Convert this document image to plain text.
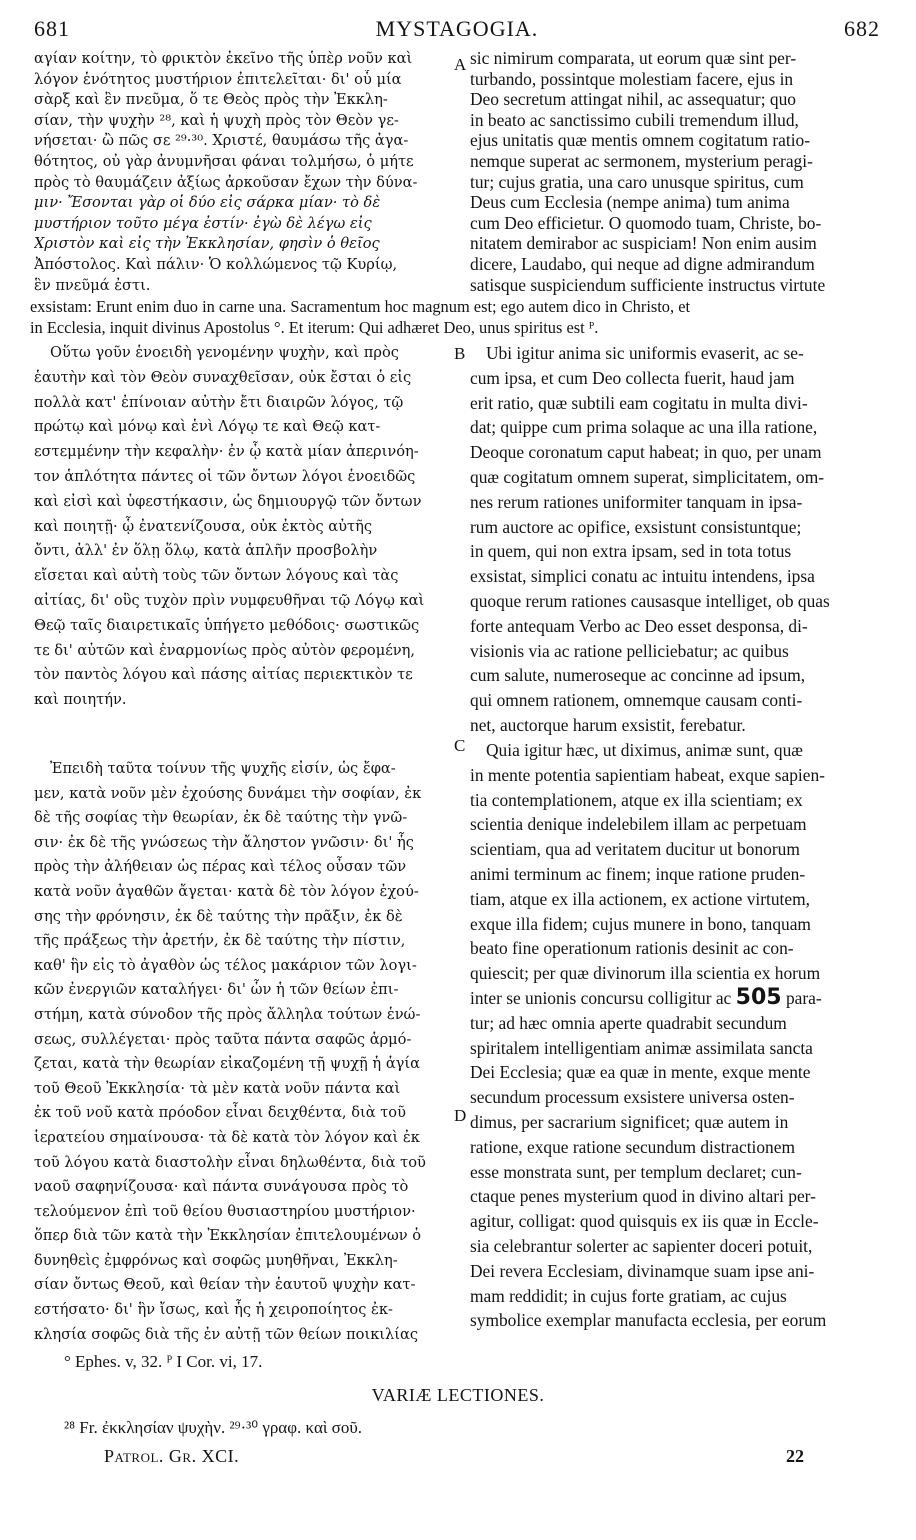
681	MYSTAGOGIA.	682
αγίαν κοίτην, τὸ φρικτὸν ἐκεῖνο τῆς ὑπὲρ νοῦν καὶ
λόγον ἑνότητος μυστήριον ἐπιτελεῖται· δι' οὗ μία
σὰρξ καὶ ἓν πνεῦμα, ὅ τε Θεὸς πρὸς τὴν Ἐκκλη-
σίαν, τὴν ψυχὴν ²⁸, καὶ ἡ ψυχὴ πρὸς τὸν Θεὸν γε-
νήσεται· ὢ πῶς σε ²⁹·³⁰. Χριστέ, θαυμάσω τῆς ἀγα-
θότητος, οὐ γὰρ ἀνυμνῆσαι φάναι τολμήσω, ὁ μήτε
πρὸς τὸ θαυμάζειν ἀξίως ἀρκοῦσαν ἔχων τὴν δύνα-
μιν· Ἔσονται γὰρ οἱ δύο εἰς σάρκα μίαν· τὸ δὲ
μυστήριον τοῦτο μέγα ἐστίν· ἐγὼ δὲ λέγω εἰς
Χριστὸν καὶ εἰς τὴν Ἐκκλησίαν, φησὶν ὁ θεῖος
Ἀπόστολος. Καὶ πάλιν· Ὁ κολλώμενος τῷ Κυρίῳ,
ἓν πνεῦμά ἐστι.
sic nimirum comparata, ut eorum quæ sint per-
turbando, possintque molestiam facere, ejus in
Deo secretum attingat nihil, ac assequatur; quo
in beato ac sanctissimo cubili tremendum illud,
ejus unitatis quæ mentis omnem cogitatum ratio-
nemque superat ac sermonem, mysterium peragi-
tur; cujus gratia, una caro unusque spiritus, cum
Deus cum Ecclesia (nempe anima) tum anima
cum Deo efficietur. O quomodo tuam, Christe, bo-
nitatem demirabor ac suspiciam! Non enim ausim
dicere, Laudabo, qui neque ad digne admirandum
satisque suspiciendum sufficiente instructus virtute
exsistam: Erunt enim duo in carne una. Sacramentum hoc magnum est; ego autem dico in Christo, et
in Ecclesia, inquit divinus Apostolus °. Et iterum: Qui adhæret Deo, unus spiritus est ᴾ.
Οὕτω γοῦν ἑνοειδὴ γενομένην ψυχὴν, καὶ πρὸς
ἑαυτὴν καὶ τὸν Θεὸν συναχθεῖσαν, οὐκ ἔσται ὁ εἰς
πολλὰ κατ' ἐπίνοιαν αὐτὴν ἔτι διαιρῶν λόγος, τῷ
πρώτῳ καὶ μόνῳ καὶ ἑνὶ Λόγῳ τε καὶ Θεῷ κατ-
εστεμμένην τὴν κεφαλὴν· ἐν ᾧ κατὰ μίαν ἀπερινόη-
τον ἁπλότητα πάντες οἱ τῶν ὄντων λόγοι ἑνοειδῶς
καὶ εἰσὶ καὶ ὑφεστήκασιν, ὡς δημιουργῷ τῶν ὄντων
καὶ ποιητῇ· ᾧ ἐνατενίζουσα, οὐκ ἐκτὸς αὐτῆς
ὄντι, ἀλλ' ἐν ὅλῃ ὅλῳ, κατὰ ἁπλῆν προσβολὴν
εἴσεται καὶ αὐτὴ τοὺς τῶν ὄντων λόγους καὶ τὰς
αἰτίας, δι' οὓς τυχὸν πρὶν νυμφευθῆναι τῷ Λόγῳ καὶ
Θεῷ ταῖς διαιρετικαῖς ὑπήγετο μεθόδοις· σωστικῶς
τε δι' αὐτῶν καὶ ἐναρμονίως πρὸς αὐτὸν φερομένη,
τὸν παντὸς λόγου καὶ πάσης αἰτίας περιεκτικὸν τε
καὶ ποιητήν.
Ubi igitur anima sic uniformis evaserit, ac se-
cum ipsa, et cum Deo collecta fuerit, haud jam
erit ratio, quæ subtili eam cogitatu in multa divi-
dat; quippe cum prima solaque ac una illa ratione,
Deoque coronatum caput habeat; in quo, per unam
quæ cogitatum omnem superat, simplicitatem, om-
nes rerum rationes uniformiter tanquam in ipsa-
rum auctore ac opifice, exsistunt consistuntque;
in quem, qui non extra ipsam, sed in tota totus
exsistat, simplici conatu ac intuitu intendens, ipsa
quoque rerum rationes causasque intelliget, ob quas
forte antequam Verbo ac Deo esset desponsa, di-
visionis via ac ratione pelliciebatur; ac quibus
cum salute, numeroseque ac concinne ad ipsum,
qui omnem rationem, omnemque causam conti-
net, auctorque harum exsistit, ferebatur.
Ἐπειδὴ ταῦτα τοίνυν τῆς ψυχῆς εἰσίν, ὡς ἔφα-
μεν, κατὰ νοῦν μὲν ἐχούσης δυνάμει τὴν σοφίαν, ἐκ
δὲ τῆς σοφίας τὴν θεωρίαν, ἐκ δὲ ταύτης τὴν γνῶ-
σιν· ἐκ δὲ τῆς γνώσεως τὴν ἄληστον γνῶσιν· δι' ἧς
πρὸς τὴν ἀλήθειαν ὡς πέρας καὶ τέλος οὖσαν τῶν
κατὰ νοῦν ἀγαθῶν ἄγεται· κατὰ δὲ τὸν λόγον ἐχού-
σης τὴν φρόνησιν, ἐκ δὲ ταύτης τὴν πρᾶξιν, ἐκ δὲ
τῆς πράξεως τὴν ἀρετήν, ἐκ δὲ ταύτης τὴν πίστιν,
καθ' ἣν εἰς τὸ ἀγαθὸν ὡς τέλος μακάριον τῶν λογι-
κῶν ἐνεργιῶν καταλήγει· δι' ὧν ἡ τῶν θείων ἐπι-
στήμη, κατὰ σύνοδον τῆς πρὸς ἄλληλα τούτων ἑνώ-
σεως, συλλέγεται· πρὸς ταῦτα πάντα σαφῶς ἁρμό-
ζεται, κατὰ τὴν θεωρίαν εἰκαζομένη τῇ ψυχῇ ἡ ἁγία
τοῦ Θεοῦ Ἐκκλησία· τὰ μὲν κατὰ νοῦν πάντα καὶ
ἐκ τοῦ νοῦ κατὰ πρόοδον εἶναι δειχθέντα, διὰ τοῦ
ἱερατείου σημαίνουσα· τὰ δὲ κατὰ τὸν λόγον καὶ ἐκ
τοῦ λόγου κατὰ διαστολὴν εἶναι δηλωθέντα, διὰ τοῦ
ναοῦ σαφηνίζουσα· καὶ πάντα συνάγουσα πρὸς τὸ
τελούμενον ἐπὶ τοῦ θείου θυσιαστηρίου μυστήριον·
ὅπερ διὰ τῶν κατὰ τὴν Ἐκκλησίαν ἐπιτελουμένων ὁ
δυνηθεὶς ἐμφρόνως καὶ σοφῶς μυηθῆναι, Ἐκκλη-
σίαν ὄντως Θεοῦ, καὶ θείαν τὴν ἑαυτοῦ ψυχὴν κατ-
εστήσατο· δι' ἣν ἴσως, καὶ ἧς ἡ χειροποίητος ἐκ-
κλησία σοφῶς διὰ τῆς ἐν αὐτῇ τῶν θείων ποικιλίας
Quia igitur hæc, ut diximus, animæ sunt, quæ
in mente potentia sapientiam habeat, exque sapien-
tia contemplationem, atque ex illa scientiam; ex
scientia denique indelebilem illam ac perpetuam
scientiam, qua ad veritatem ducitur ut bonorum
animi terminum ac finem; inque ratione pruden-
tiam, atque ex illa actionem, ex actione virtutem,
exque illa fidem; cujus munere in bono, tanquam
beato fine operationum rationis desinit ac con-
quiescit; per quæ divinorum illa scientia ex horum
inter se unionis concursu colligitur ac 505 para-
tur; ad hæc omnia aperte quadrabit secundum
spiritalem intelligentiam animæ assimilata sancta
Dei Ecclesia; quæ ea quæ in mente, exque mente
secundum processum exsistere universa osten-
dimus, per sacrarium significet; quæ autem in
ratione, exque ratione secundum distractionem
esse monstrata sunt, per templum declaret; cun-
ctaque penes mysterium quod in divino altari per-
agitur, colligat: quod quisquis ex iis quæ in Eccle-
sia celebrantur solerter ac sapienter doceri potuit,
Dei revera Ecclesiam, divinamque suam ipse ani-
mam reddidit; in cujus forte gratiam, ac cujus
symbolice exemplar manufacta ecclesia, per eorum
A
B
C
D
° Ephes. v, 32. ᴾ I Cor. vi, 17.
VARIÆ LECTIONES.
²⁸ Fr. ἐκκλησίαν ψυχὴν. ²⁹·³⁰ γραφ. καὶ σοῦ.
Patrol. Gr. XCI.	22
